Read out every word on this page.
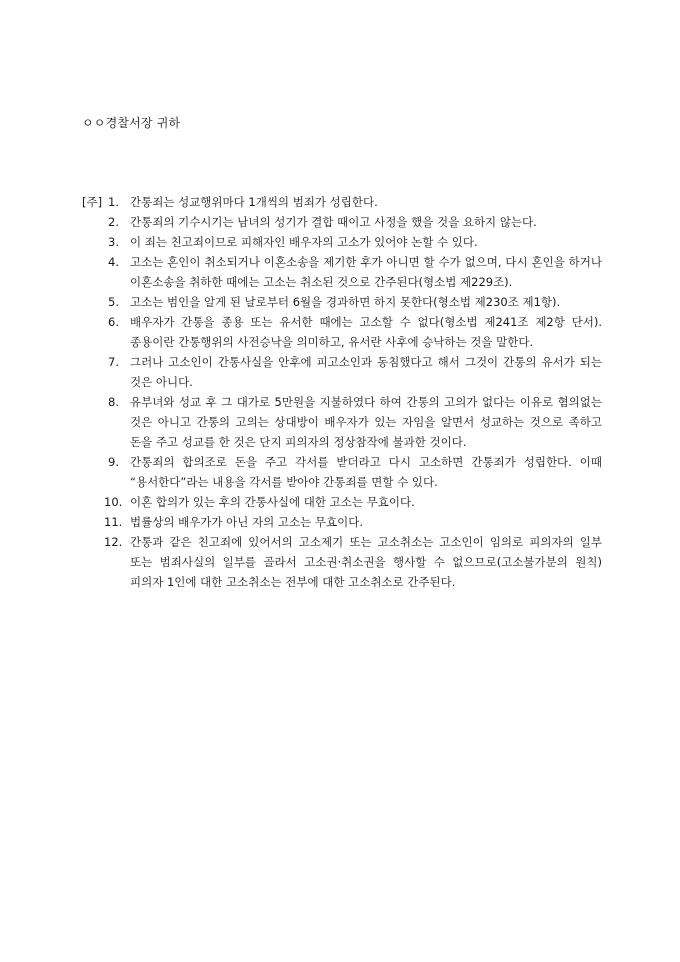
ㅇㅇ경찰서장 귀하
[주] 1. 간통죄는 성교행위마다 1개씩의 범죄가 성립한다.
2. 간통죄의 기수시기는 남녀의 성기가 결합 때이고 사정을 했을 것을 요하지 않는다.
3. 이 죄는 친고죄이므로 피해자인 배우자의 고소가 있어야 논할 수 있다.
4. 고소는 혼인이 취소되거나 이혼소송을 제기한 후가 아니면 할 수가 없으며, 다시 혼인을 하거나 이혼소송을 취하한 때에는 고소는 취소된 것으로 간주된다(형소법 제229조).
5. 고소는 범인을 알게 된 날로부터 6월을 경과하면 하지 못한다(형소법 제230조 제1항).
6. 배우자가 간통을 종용 또는 유서한 때에는 고소할 수 없다(형소법 제241조 제2항 단서). 종용이란 간통행위의 사전승낙을 의미하고, 유서란 사후에 승낙하는 것을 말한다.
7. 그러나 고소인이 간통사실을 안후에 피고소인과 동침했다고 해서 그것이 간통의 유서가 되는 것은 아니다.
8. 유부녀와 성교 후 그 대가로 5만원을 지불하였다 하여 간통의 고의가 없다는 이유로 혐의없는 것은 아니고 간통의 고의는 상대방이 배우자가 있는 자임을 알면서 성교하는 것으로 족하고 돈을 주고 성교를 한 것은 단지 피의자의 정상참작에 불과한 것이다.
9. 간통죄의 합의조로 돈을 주고 각서를 받더라고 다시 고소하면 간통죄가 성립한다. 이때 “용서한다”라는 내용을 각서를 받아야 간통죄를 면할 수 있다.
10. 이혼 합의가 있는 후의 간통사실에 대한 고소는 무효이다.
11. 법률상의 배우가가 아닌 자의 고소는 무효이다.
12. 간통과 같은 친고죄에 있어서의 고소제기 또는 고소취소는 고소인이 임의로 피의자의 일부 또는 범죄사실의 일부를 골라서 고소권·취소권을 행사할 수 없으므로(고소불가분의 원칙) 피의자 1인에 대한 고소취소는 전부에 대한 고소취소로 간주된다.
